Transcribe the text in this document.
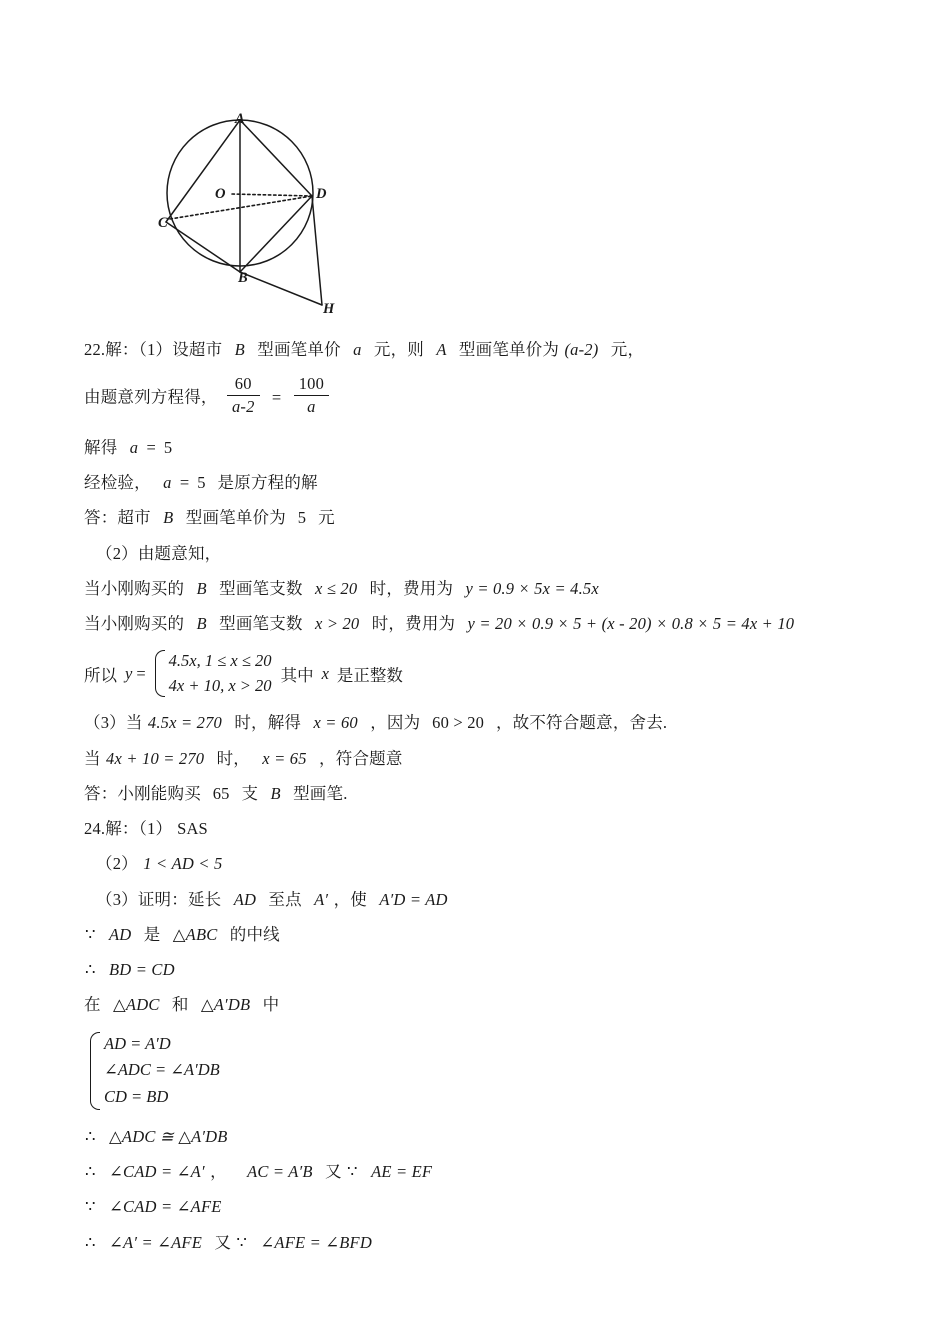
A
O	D
C
B
H

22.解：（1）设超市 B 型画笔单价 a 元，则 A 型画笔单价为 (a-2) 元，

由题意列方程得， $\frac{60}{a-2} = \frac{100}{a}$

解得 a = 5

经检验， a = 5 是原方程的解

答：超市 B 型画笔单价为 5 元

（2）由题意知，

当小刚购买的 B 型画笔支数 x ≤ 20 时，费用为 y = 0.9 × 5x = 4.5x

当小刚购买的 B 型画笔支数 x > 20 时，费用为 y = 20 × 0.9 × 5 + (x - 20) × 0.8 × 5 = 4x + 10

所以 y =
4.5x, 1 ≤ x ≤ 20
4x + 10, x > 20
其中 x 是正整数

（3）当 4.5x = 270 时，解得 x = 60 ，因为 60 > 20 ，故不符合题意，舍去.

当 4x + 10 = 270 时， x = 65 ，符合题意

答：小刚能购买 65 支 B 型画笔.

24.解：（1） SAS

（2） 1 < AD < 5

（3）证明：延长 AD 至点 A′ ，使 A′D = AD

∵ AD 是 △ABC 的中线

∴ BD = CD

在 △ADC 和 △A′DB 中

AD = A′D
∠ADC = ∠A′DB
CD = BD

∴ △ADC ≅ △A′DB

∴ ∠CAD = ∠A′ ， AC = A′B 又 ∵ AE = EF

∵ ∠CAD = ∠AFE

∴ ∠A′ = ∠AFE 又 ∵ ∠AFE = ∠BFD
